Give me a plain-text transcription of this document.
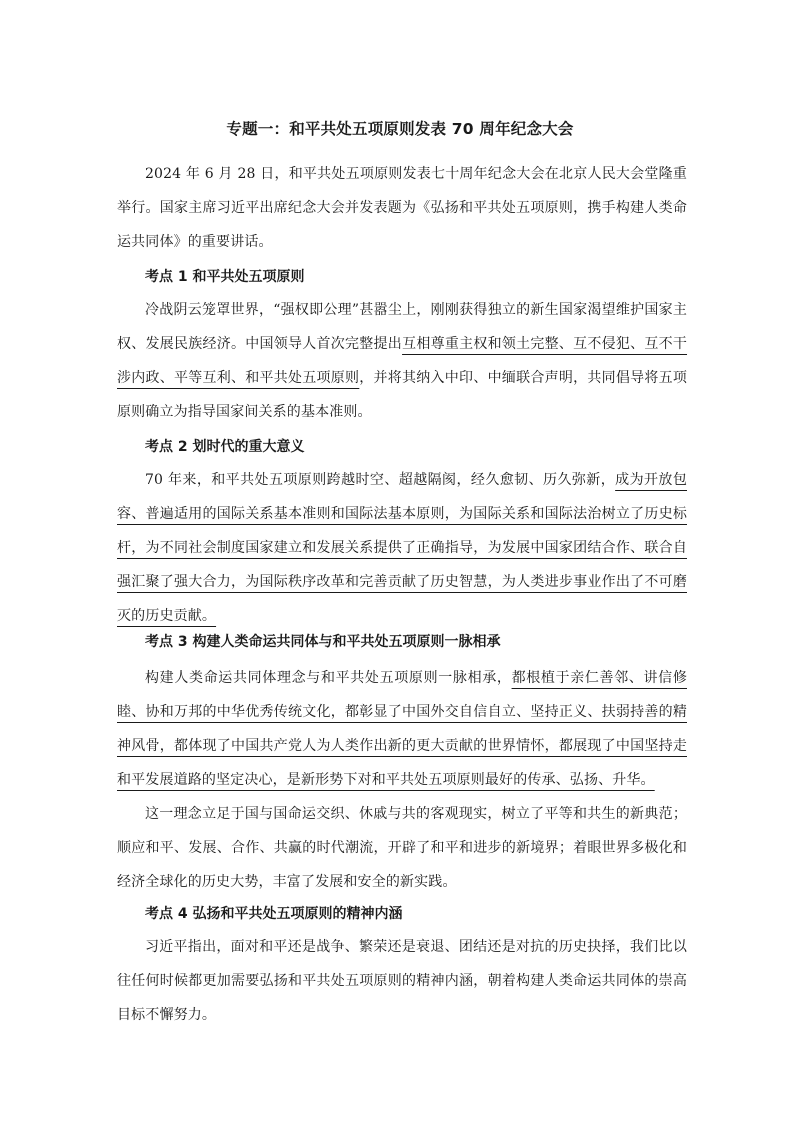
专题一：和平共处五项原则发表 70 周年纪念大会

2024 年 6 月 28 日，和平共处五项原则发表七十周年纪念大会在北京人民大会堂隆重举行。国家主席习近平出席纪念大会并发表题为《弘扬和平共处五项原则，携手构建人类命运共同体》的重要讲话。

考点 1 和平共处五项原则

冷战阴云笼罩世界，“强权即公理”甚嚣尘上，刚刚获得独立的新生国家渴望维护国家主权、发展民族经济。中国领导人首次完整提出互相尊重主权和领土完整、互不侵犯、互不干涉内政、平等互利、和平共处五项原则，并将其纳入中印、中缅联合声明，共同倡导将五项原则确立为指导国家间关系的基本准则。

考点 2 划时代的重大意义

70 年来，和平共处五项原则跨越时空、超越隔阂，经久愈韧、历久弥新，成为开放包容、普遍适用的国际关系基本准则和国际法基本原则，为国际关系和国际法治树立了历史标杆，为不同社会制度国家建立和发展关系提供了正确指导，为发展中国家团结合作、联合自强汇聚了强大合力，为国际秩序改革和完善贡献了历史智慧，为人类进步事业作出了不可磨灭的历史贡献。

考点 3 构建人类命运共同体与和平共处五项原则一脉相承

构建人类命运共同体理念与和平共处五项原则一脉相承，都根植于亲仁善邻、讲信修睦、协和万邦的中华优秀传统文化，都彰显了中国外交自信自立、坚持正义、扶弱持善的精神风骨，都体现了中国共产党人为人类作出新的更大贡献的世界情怀，都展现了中国坚持走和平发展道路的坚定决心，是新形势下对和平共处五项原则最好的传承、弘扬、升华。

这一理念立足于国与国命运交织、休戚与共的客观现实，树立了平等和共生的新典范；顺应和平、发展、合作、共赢的时代潮流，开辟了和平和进步的新境界；着眼世界多极化和经济全球化的历史大势，丰富了发展和安全的新实践。

考点 4 弘扬和平共处五项原则的精神内涵

习近平指出，面对和平还是战争、繁荣还是衰退、团结还是对抗的历史抉择，我们比以往任何时候都更加需要弘扬和平共处五项原则的精神内涵，朝着构建人类命运共同体的崇高目标不懈努力。
